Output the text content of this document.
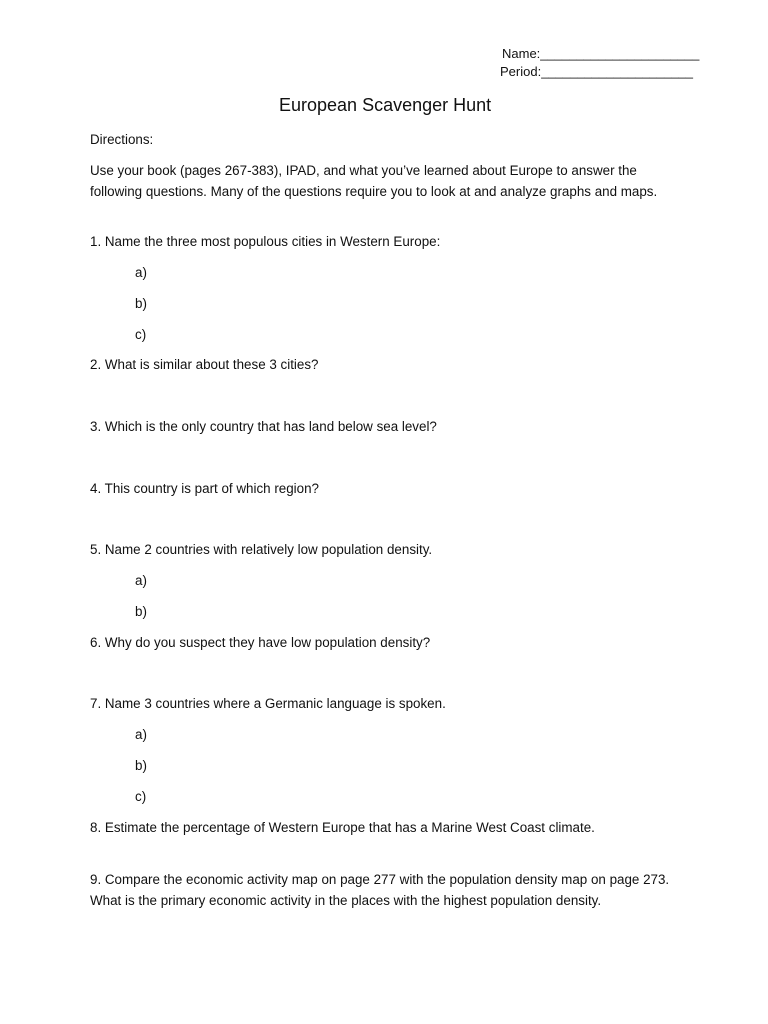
Name:______________________
Period:_____________________
European Scavenger Hunt
Directions:
Use your book (pages 267-383), IPAD, and what you’ve learned about Europe to answer the following questions. Many of the questions require you to look at and analyze graphs and maps.
1. Name the three most populous cities in Western Europe:
a)
b)
c)
2. What is similar about these 3 cities?
3. Which is the only country that has land below sea level?
4. This country is part of which region?
5. Name 2 countries with relatively low population density.
a)
b)
6. Why do you suspect they have low population density?
7. Name 3 countries where a Germanic language is spoken.
a)
b)
c)
8. Estimate the percentage of Western Europe that has a Marine West Coast climate.
9. Compare the economic activity map on page 277 with the population density map on page 273. What is the primary economic activity in the places with the highest population density.
